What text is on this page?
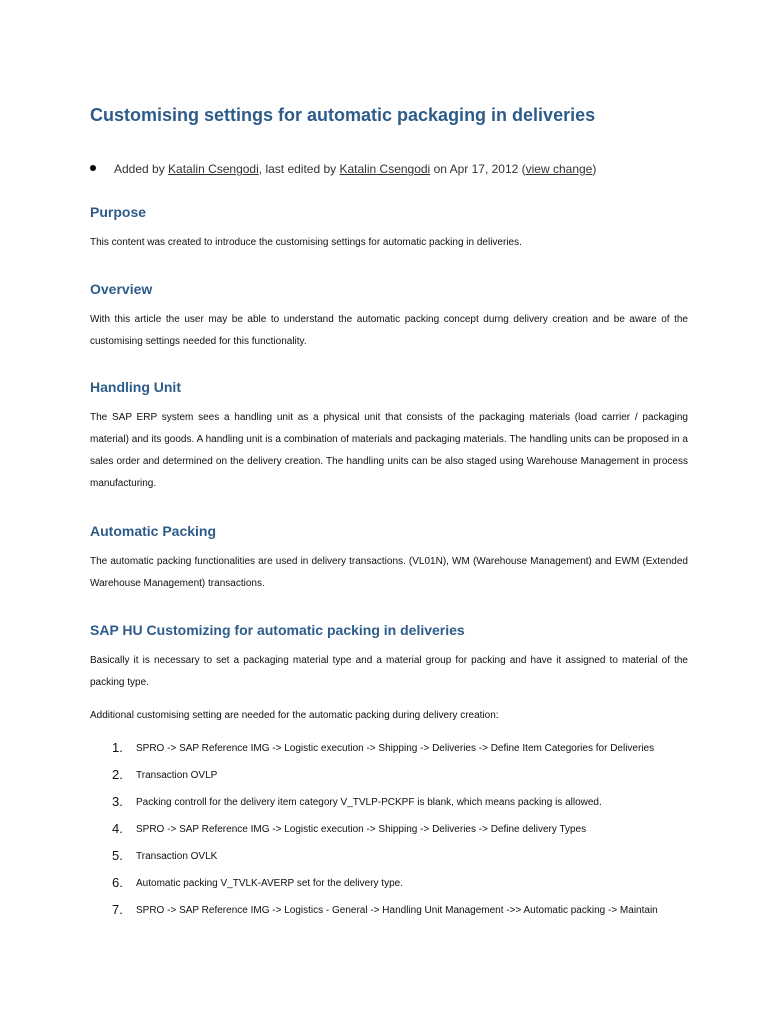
Customising settings for automatic packaging in deliveries
Added by Katalin Csengodi, last edited by Katalin Csengodi on Apr 17, 2012 (view change)
Purpose

This content was created to introduce the customising settings for automatic packing in deliveries.

Overview

With this article the user may be able to understand the automatic packing concept durng delivery creation and be aware of the customising settings needed for this functionality.

Handling Unit

The SAP ERP system sees a handling unit as a physical unit that consists of the packaging materials (load carrier / packaging material) and its goods. A handling unit is a combination of materials and packaging materials. The handling units can be proposed in a sales order and determined on the delivery creation. The handling units can be also staged using Warehouse Management in process manufacturing.

Automatic Packing

The automatic packing functionalities are used in delivery transactions. (VL01N), WM (Warehouse Management) and EWM (Extended Warehouse Management) transactions.

SAP HU Customizing for automatic packing in deliveries

Basically it is necessary to set a packaging material type and a material group for packing and have it assigned to material of the packing type.

Additional customising setting are needed for the automatic packing during delivery creation:

1. SPRO -> SAP Reference IMG -> Logistic execution -> Shipping -> Deliveries -> Define Item Categories for Deliveries
2. Transaction OVLP
3. Packing controll for the delivery item category V_TVLP-PCKPF is blank, which means packing is allowed.
4. SPRO -> SAP Reference IMG -> Logistic execution -> Shipping -> Deliveries -> Define delivery Types
5. Transaction OVLK
6. Automatic packing V_TVLK-AVERP set for the delivery type.
7. SPRO -> SAP Reference IMG -> Logistics - General -> Handling Unit Management ->> Automatic packing -> Maintain
